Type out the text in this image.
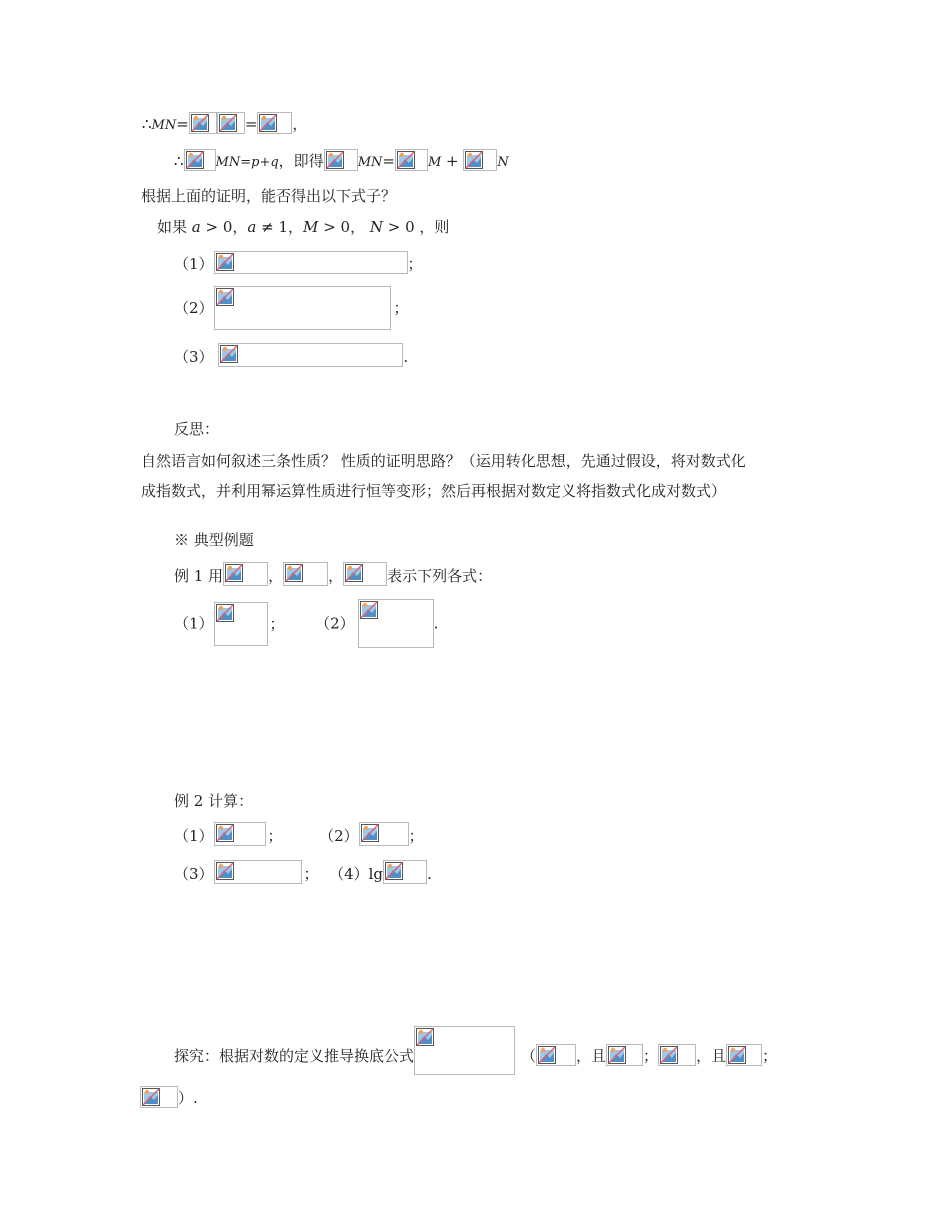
∴MN=	= ，
∴ MN=p+q，即得	MN=	M +	N
根据上面的证明，能否得出以下式子？
如果 a > 0，a ≠ 1，M > 0， N > 0 ，则
（1）	；
（2）	；
（3）	.
反思：
自然语言如何叙述三条性质？ 性质的证明思路？（运用转化思想，先通过假设，将对数式化
成指数式，并利用幂运算性质进行恒等变形；然后再根据对数定义将指数式化成对数式）
※ 典型例题
例 1 用	，	，	表示下列各式：
（1）	；	（2）	.
例 2 计算：
（1）	；	（2）	；
（3）	； （4）lg	.
探究：根据对数的定义推导换底公式	（	，且 ；	，且 ；
）.
